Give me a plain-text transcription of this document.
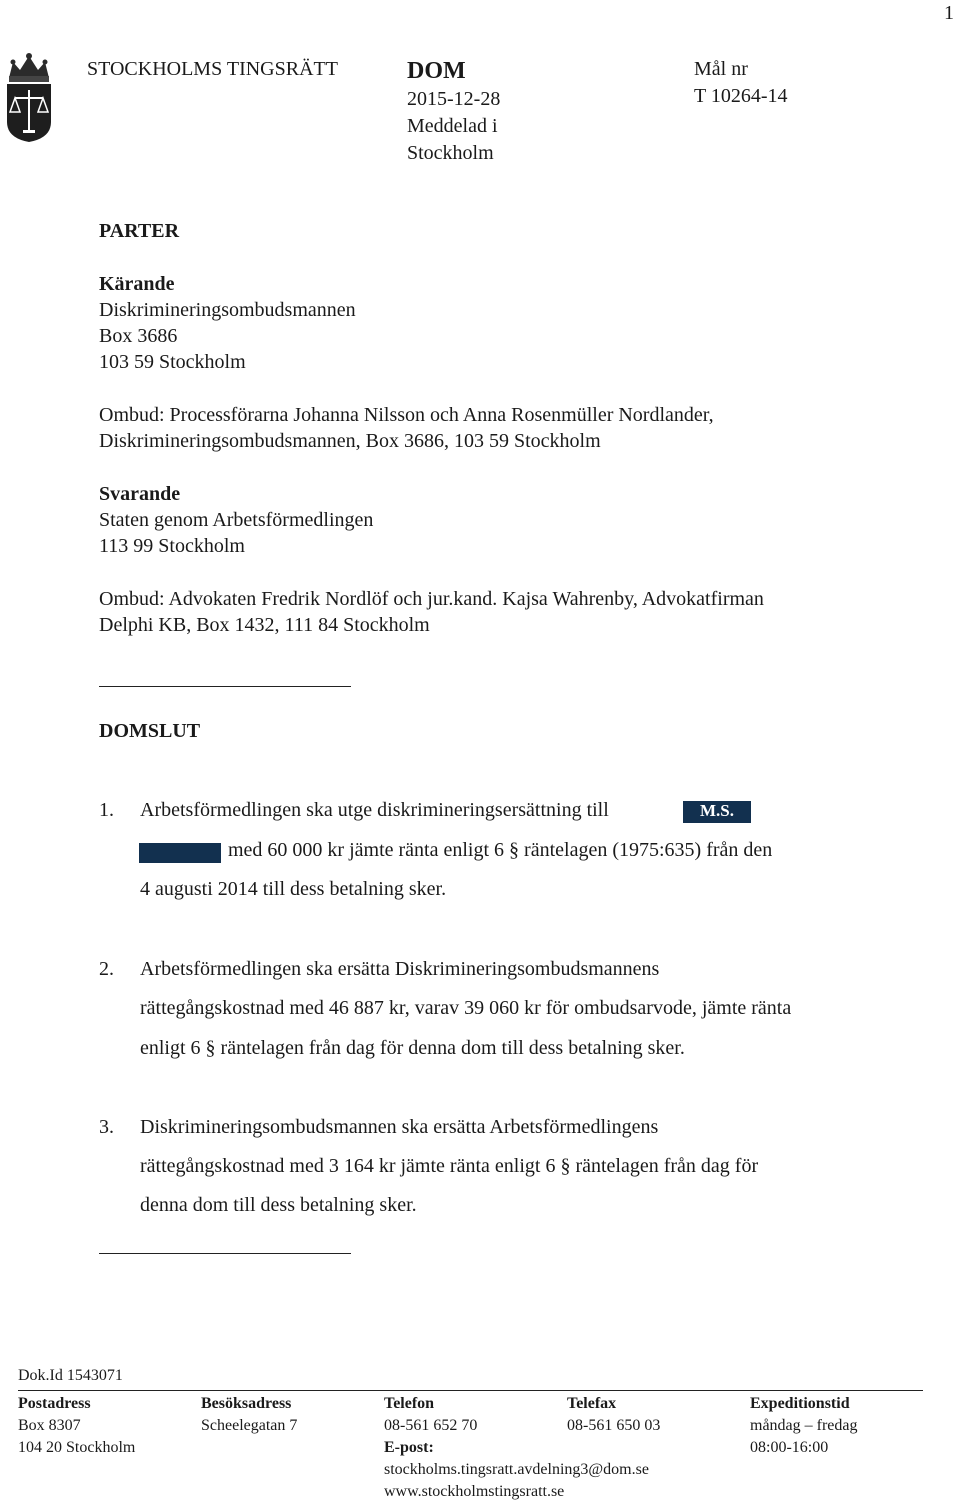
1
STOCKHOLMS TINGSRÄTT	DOM
2015-12-28
Meddelad i
Stockholm
Mål nr
T 10264-14
PARTER
Kärande
Diskrimineringsombudsmannen
Box 3686
103 59 Stockholm
Ombud: Processförarna Johanna Nilsson och Anna Rosenmüller Nordlander,
Diskrimineringsombudsmannen, Box 3686, 103 59 Stockholm
Svarande
Staten genom Arbetsförmedlingen
113 99 Stockholm
Ombud: Advokaten Fredrik Nordlöf och jur.kand. Kajsa Wahrenby, Advokatfirman
Delphi KB, Box 1432, 111 84 Stockholm
DOMSLUT
1. Arbetsförmedlingen ska utge diskrimineringsersättning till	M.S.
med 60 000 kr jämte ränta enligt 6 § räntelagen (1975:635) från den
4 augusti 2014 till dess betalning sker.
2. Arbetsförmedlingen ska ersätta Diskrimineringsombudsmannens
rättegångskostnad med 46 887 kr, varav 39 060 kr för ombudsarvode, jämte ränta
enligt 6 § räntelagen från dag för denna dom till dess betalning sker.
3. Diskrimineringsombudsmannen ska ersätta Arbetsförmedlingens
rättegångskostnad med 3 164 kr jämte ränta enligt 6 § räntelagen från dag för
denna dom till dess betalning sker.
Dok.Id 1543071
Postadress
Box 8307
104 20 Stockholm
Besöksadress
Scheelegatan 7
Telefon
08-561 652 70
E-post:
stockholms.tingsratt.avdelning3@dom.se
www.stockholmstingsratt.se
Telefax
08-561 650 03
Expeditionstid
måndag – fredag
08:00-16:00
